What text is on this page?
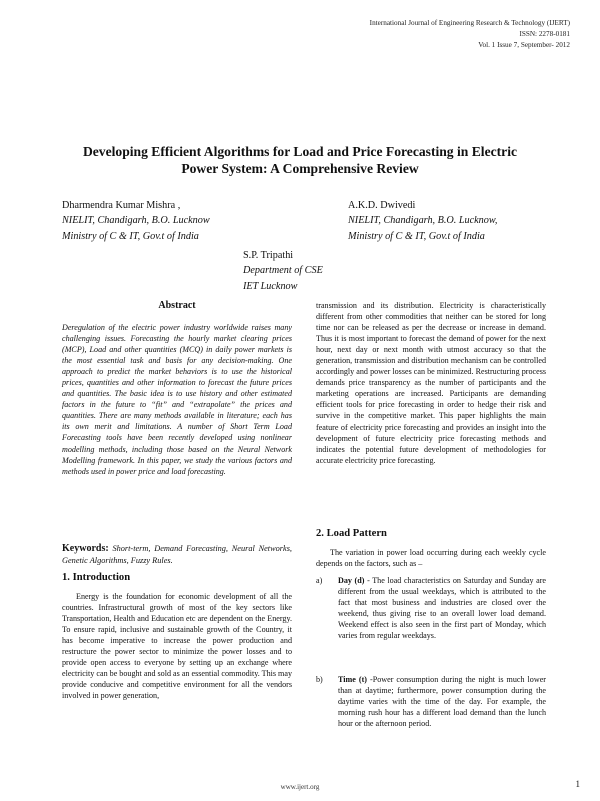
International Journal of Engineering Research & Technology (IJERT)
ISSN: 2278-0181
Vol. 1 Issue 7, September- 2012
Developing Efficient Algorithms for Load and Price Forecasting in Electric
Power System: A Comprehensive Review
Dharmendra Kumar Mishra ,
NIELIT, Chandigarh, B.O. Lucknow
Ministry of C & IT, Gov.t of India
A.K.D. Dwivedi
NIELIT, Chandigarh, B.O. Lucknow,
Ministry of C & IT, Gov.t of India
S.P. Tripathi
Department of CSE
IET Lucknow
Abstract

Deregulation of the electric power industry worldwide raises many challenging issues. Forecasting the hourly market clearing prices (MCP), Load and other quantities (MCQ) in daily power markets is the most essential task and basis for any decision-making. One approach to predict the market behaviors is to use the historical prices, quantities and other information to forecast the future prices and quantities. The basic idea is to use history and other estimated factors in the future to “fit” and “extrapolate” the prices and quantities. There are many methods available in literature; each has its own merit and limitations. A number of Short Term Load Forecasting tools have been recently developed using nonlinear modelling methods, including those based on the Neural Network Modelling framework. In this paper, we study the various factors and methods used in power price and load forecasting.

Keywords: Short-term, Demand Forecasting, Neural Networks, Genetic Algorithms, Fuzzy Rules.
1. Introduction

Energy is the foundation for economic development of all the countries. Infrastructural growth of most of the key sectors like Transportation, Health and Education etc are dependent on the Energy. To ensure rapid, inclusive and sustainable growth of the Country, it has become imperative to increase the power production and restructure the power sector to minimize the power losses and to provide open access to everyone by setting up an exchange where electricity can be bought and sold as an essential commodity. This may provide conducive and competitive environment for all the vendors involved in power generation,

transmission and its distribution. Electricity is characteristically different from other commodities that neither can be stored for long time nor can be released as per the decrease or increase in demand. Thus it is most important to forecast the demand of power for the next hour, next day or next month with utmost accuracy so that the generation, transmission and distribution mechanism can be controlled accordingly and power losses can be minimized. Restructuring process demands price transparency as the number of participants and the marketing operations are increased. Participants are demanding efficient tools for price forecasting in order to hedge their risk and survive in the competitive market. This paper highlights the main feature of electricity price forecasting and provides an insight into the development of future electricity price forecasting methods and indicates the potential future development of methodologies for accurate electricity price forecasting.

2. Load Pattern

The variation in power load occurring during each weekly cycle depends on the factors, such as –

a) Day (d) - The load characteristics on Saturday and Sunday are different from the usual weekdays, which is attributed to the fact that most business and industries are closed over the weekend, thus giving rise to an overall lower load demand. Weekend effect is also seen in the first part of Monday, which varies from regular weekdays.
b) Time (t) -Power consumption during the night is much lower than at daytime; furthermore, power consumption during the daytime varies with the time of the day. For example, the morning rush hour has a different load demand than the lunch hour or the afternoon period.
www.ijert.org	1
